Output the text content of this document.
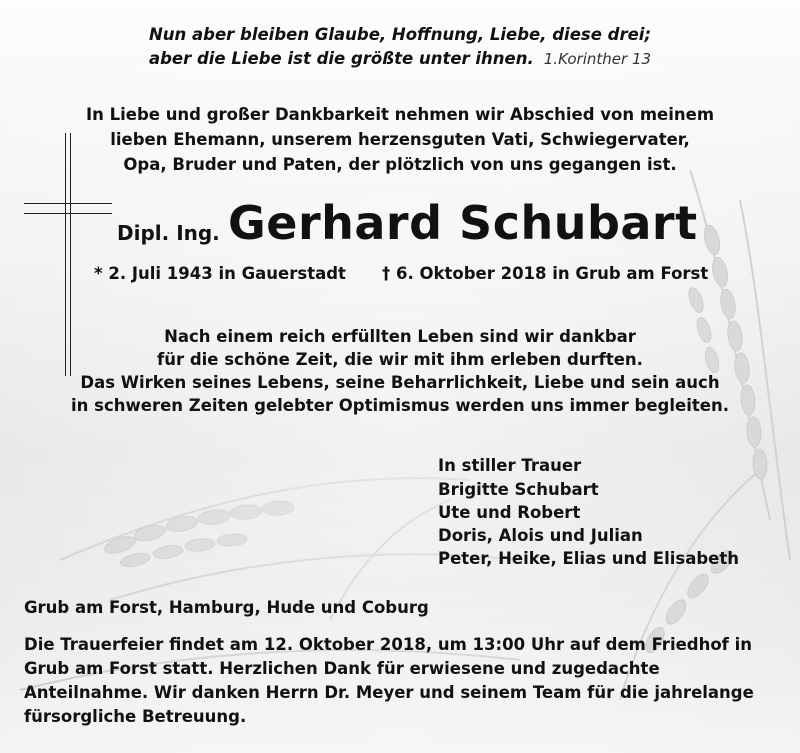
Nun aber bleiben Glaube, Hoffnung, Liebe, diese drei;
aber die Liebe ist die größte unter ihnen. 1.Korinther 13
In Liebe und großer Dankbarkeit nehmen wir Abschied von meinem
lieben Ehemann, unserem herzensguten Vati, Schwiegervater,
Opa, Bruder und Paten, der plötzlich von uns gegangen ist.
Dipl. Ing. Gerhard Schubart
* 2. Juli 1943 in Gauerstadt † 6. Oktober 2018 in Grub am Forst
Nach einem reich erfüllten Leben sind wir dankbar
für die schöne Zeit, die wir mit ihm erleben durften.
Das Wirken seines Lebens, seine Beharrlichkeit, Liebe und sein auch
in schweren Zeiten gelebter Optimismus werden uns immer begleiten.
In stiller Trauer
Brigitte Schubart
Ute und Robert
Doris, Alois und Julian
Peter, Heike, Elias und Elisabeth
Grub am Forst, Hamburg, Hude und Coburg
Die Trauerfeier findet am 12. Oktober 2018, um 13:00 Uhr auf dem Friedhof in
Grub am Forst statt. Herzlichen Dank für erwiesene und zugedachte
Anteilnahme. Wir danken Herrn Dr. Meyer und seinem Team für die jahrelange
fürsorgliche Betreuung.
